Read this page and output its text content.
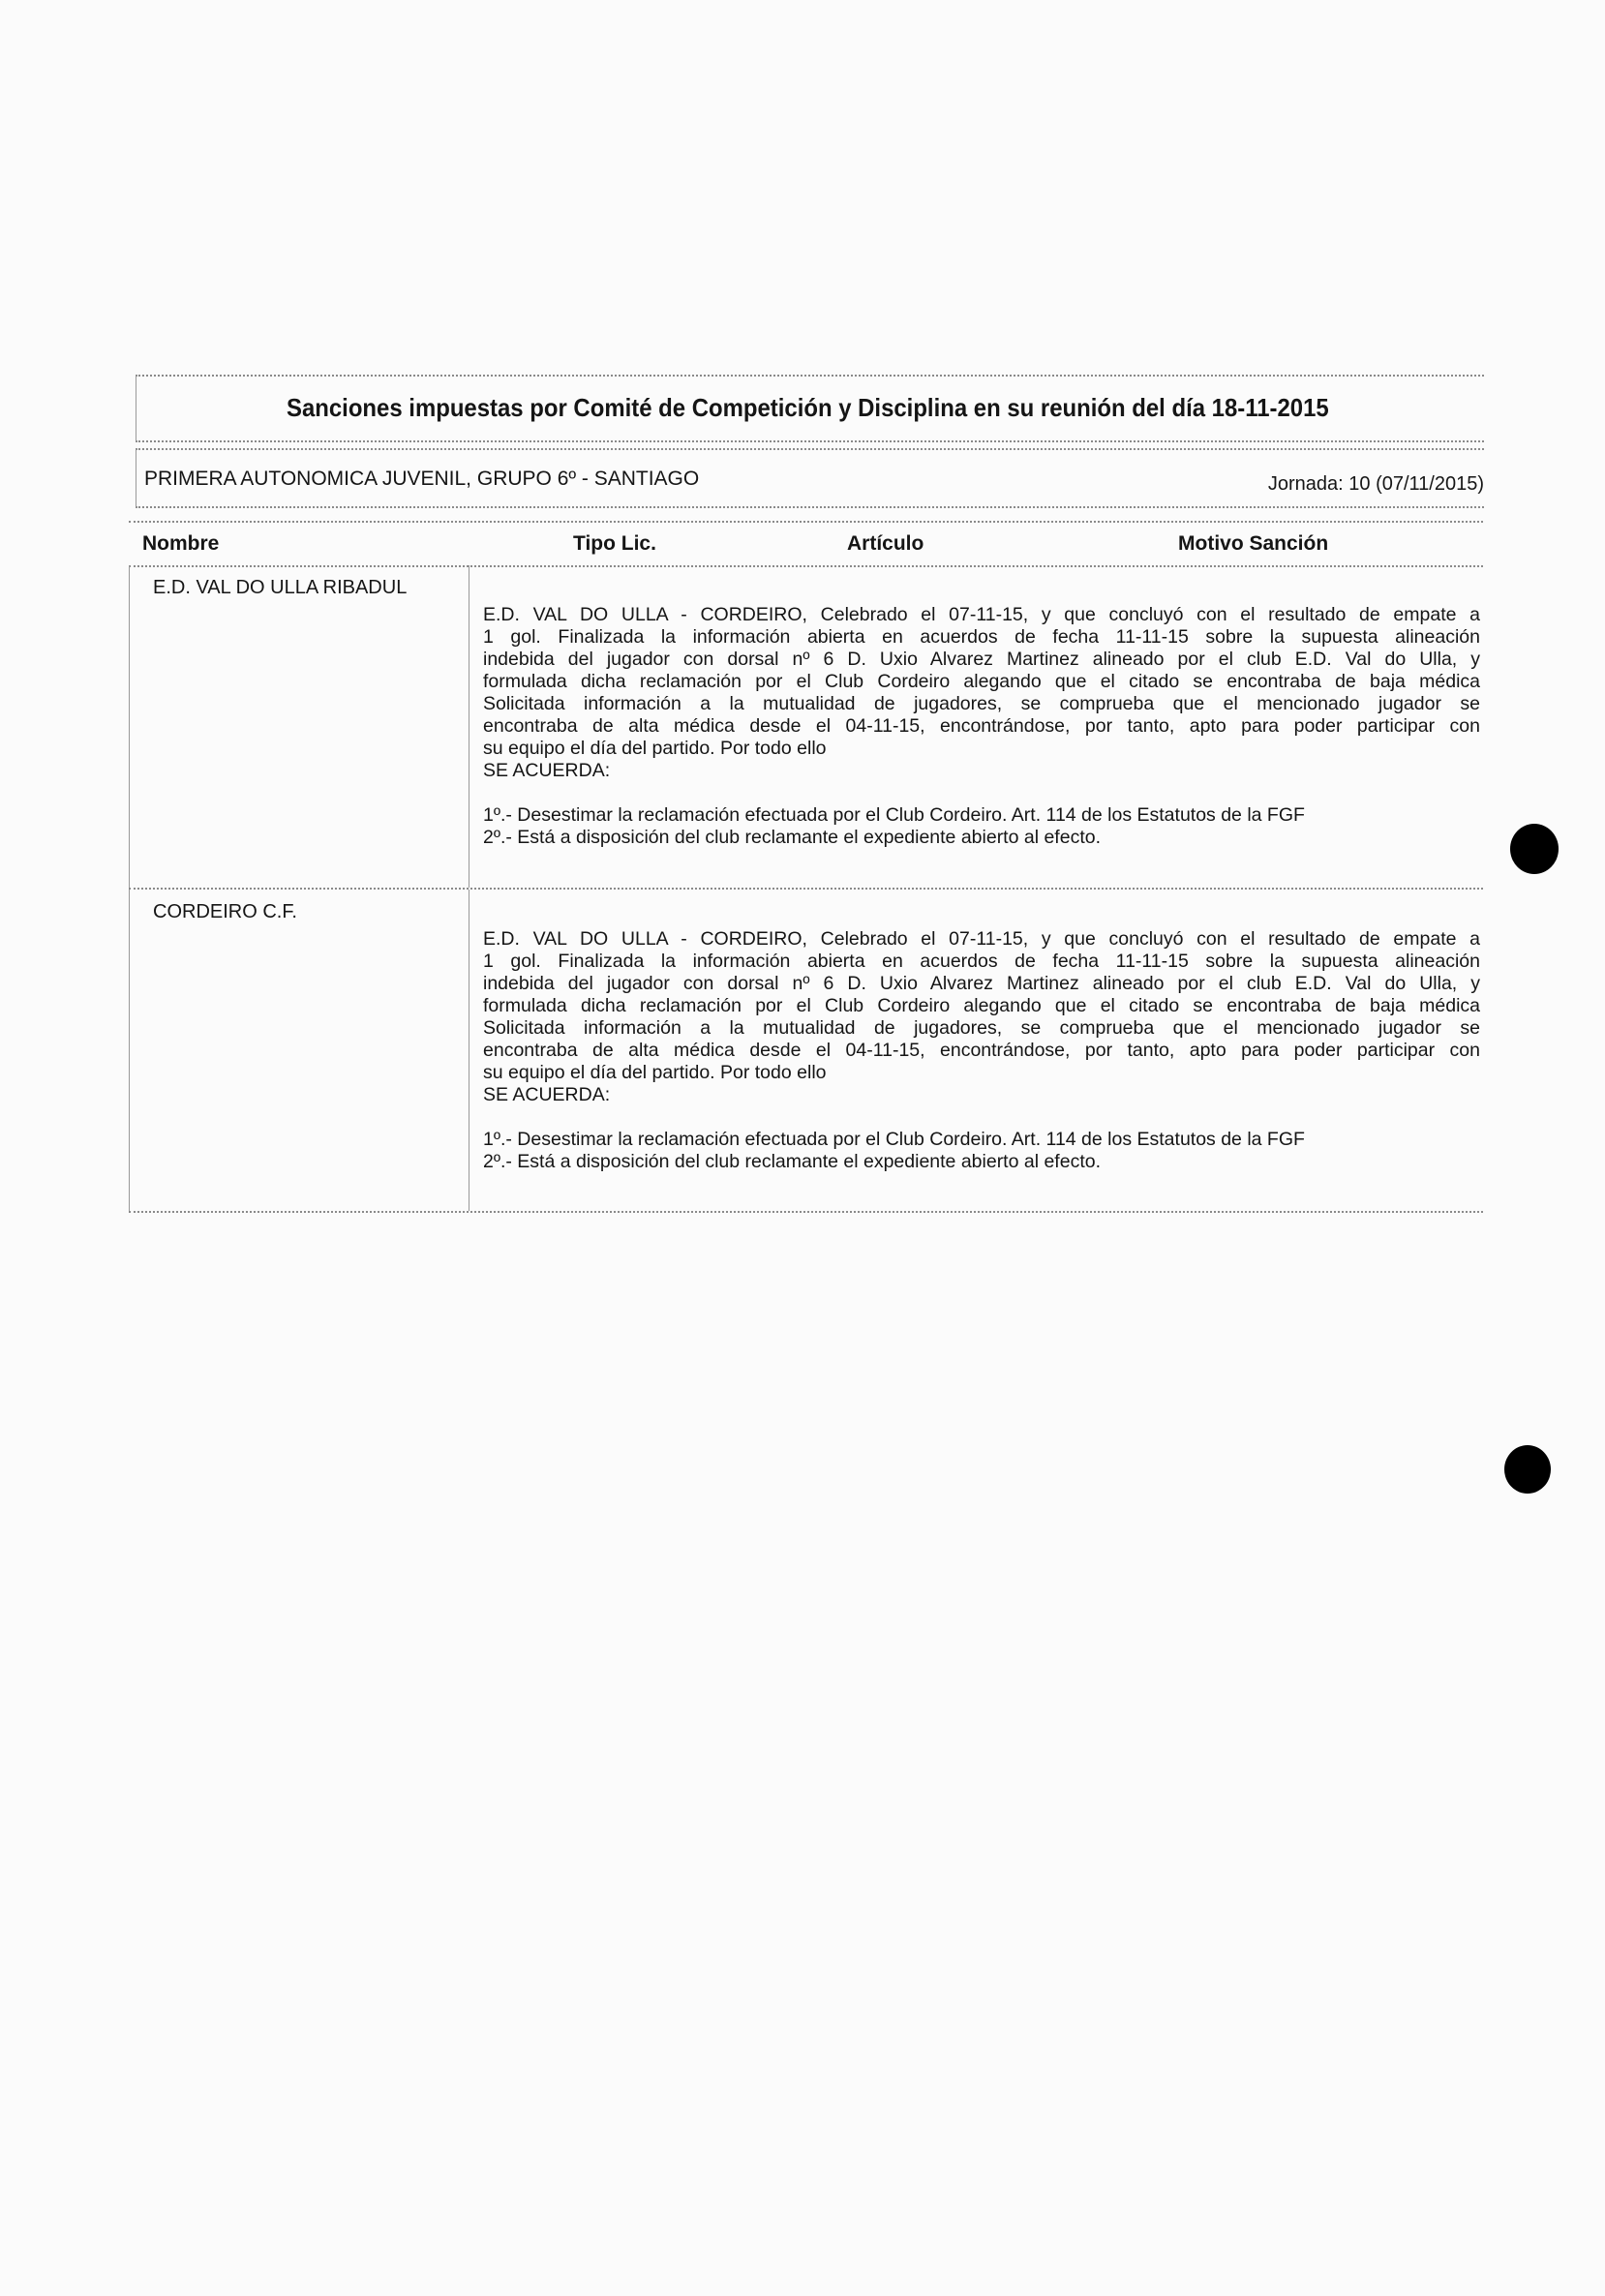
Sanciones impuestas por Comité de Competición y Disciplina en su reunión del día 18-11-2015
PRIMERA AUTONOMICA JUVENIL, GRUPO 6º - SANTIAGO	Jornada: 10 (07/11/2015)
Nombre	Tipo Lic.	Artículo	Motivo Sanción
E.D. VAL DO ULLA RIBADUL
E.D. VAL DO ULLA - CORDEIRO, Celebrado el 07-11-15, y que concluyó con el resultado de empate a
1 gol. Finalizada la información abierta en acuerdos de fecha 11-11-15 sobre la supuesta alineación
indebida del jugador con dorsal nº 6 D. Uxio Alvarez Martinez alineado por el club E.D. Val do Ulla, y
formulada dicha reclamación por el Club Cordeiro alegando que el citado se encontraba de baja médica
Solicitada información a la mutualidad de jugadores, se comprueba que el mencionado jugador se
encontraba de alta médica desde el 04-11-15, encontrándose, por tanto, apto para poder participar con
su equipo el día del partido. Por todo ello
SE ACUERDA:
1º.- Desestimar la reclamación efectuada por el Club Cordeiro. Art. 114 de los Estatutos de la FGF
2º.- Está a disposición del club reclamante el expediente abierto al efecto.
CORDEIRO C.F.
E.D. VAL DO ULLA - CORDEIRO, Celebrado el 07-11-15, y que concluyó con el resultado de empate a
1 gol. Finalizada la información abierta en acuerdos de fecha 11-11-15 sobre la supuesta alineación
indebida del jugador con dorsal nº 6 D. Uxio Alvarez Martinez alineado por el club E.D. Val do Ulla, y
formulada dicha reclamación por el Club Cordeiro alegando que el citado se encontraba de baja médica
Solicitada información a la mutualidad de jugadores, se comprueba que el mencionado jugador se
encontraba de alta médica desde el 04-11-15, encontrándose, por tanto, apto para poder participar con
su equipo el día del partido. Por todo ello
SE ACUERDA:
1º.- Desestimar la reclamación efectuada por el Club Cordeiro. Art. 114 de los Estatutos de la FGF
2º.- Está a disposición del club reclamante el expediente abierto al efecto.
